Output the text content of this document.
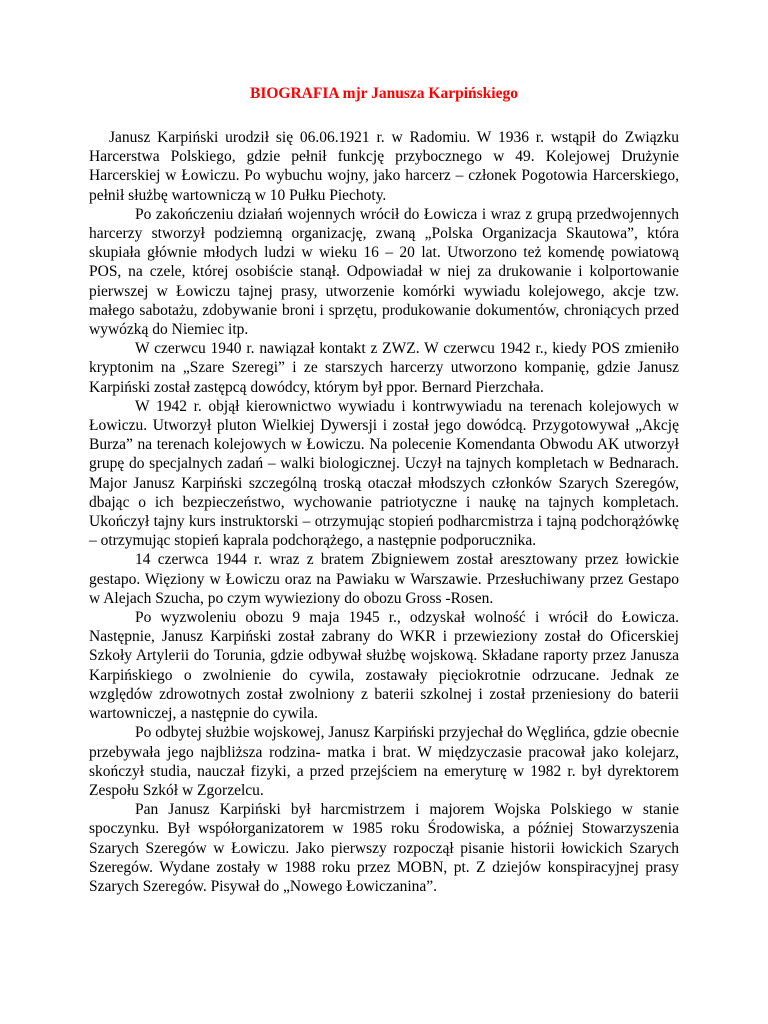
BIOGRAFIA mjr Janusza Karpińskiego

Janusz Karpiński urodził się 06.06.1921 r. w Radomiu. W 1936 r. wstąpił do Związku Harcerstwa Polskiego, gdzie pełnił funkcję przybocznego w 49. Kolejowej Drużynie Harcerskiej w Łowiczu. Po wybuchu wojny, jako harcerz – członek Pogotowia Harcerskiego, pełnił służbę wartowniczą w 10 Pułku Piechoty.

Po zakończeniu działań wojennych wrócił do Łowicza i wraz z grupą przedwojennych harcerzy stworzył podziemną organizację, zwaną „Polska Organizacja Skautowa”, która skupiała głównie młodych ludzi w wieku 16 – 20 lat. Utworzono też komendę powiatową POS, na czele, której osobiście stanął. Odpowiadał w niej za drukowanie i kolportowanie pierwszej w Łowiczu tajnej prasy, utworzenie komórki wywiadu kolejowego, akcje tzw. małego sabotażu, zdobywanie broni i sprzętu, produkowanie dokumentów, chroniących przed wywózką do Niemiec itp.

W czerwcu 1940 r. nawiązał kontakt z ZWZ. W czerwcu 1942 r., kiedy POS zmieniło kryptonim na „Szare Szeregi” i ze starszych harcerzy utworzono kompanię, gdzie Janusz Karpiński został zastępcą dowódcy, którym był ppor. Bernard Pierzchała.

W 1942 r. objął kierownictwo wywiadu i kontrwywiadu na terenach kolejowych w Łowiczu. Utworzył pluton Wielkiej Dywersji i został jego dowódcą. Przygotowywał „Akcję Burza” na terenach kolejowych w Łowiczu. Na polecenie Komendanta Obwodu AK utworzył grupę do specjalnych zadań – walki biologicznej. Uczył na tajnych kompletach w Bednarach. Major Janusz Karpiński szczególną troską otaczał młodszych członków Szarych Szeregów, dbając o ich bezpieczeństwo, wychowanie patriotyczne i naukę na tajnych kompletach. Ukończył tajny kurs instruktorski – otrzymując stopień podharcmistrza i tajną podchorążówkę – otrzymując stopień kaprala podchorążego, a następnie podporucznika.

14 czerwca 1944 r. wraz z bratem Zbigniewem został aresztowany przez łowickie gestapo. Więziony w Łowiczu oraz na Pawiaku w Warszawie. Przesłuchiwany przez Gestapo w Alejach Szucha, po czym wywieziony do obozu Gross -Rosen.

Po wyzwoleniu obozu 9 maja 1945 r., odzyskał wolność i wrócił do Łowicza. Następnie, Janusz Karpiński został zabrany do WKR i przewieziony został do Oficerskiej Szkoły Artylerii do Torunia, gdzie odbywał służbę wojskową. Składane raporty przez Janusza Karpińskiego o zwolnienie do cywila, zostawały pięciokrotnie odrzucane. Jednak ze względów zdrowotnych został zwolniony z baterii szkolnej i został przeniesiony do baterii wartowniczej, a następnie do cywila.

Po odbytej służbie wojskowej, Janusz Karpiński przyjechał do Węglińca, gdzie obecnie przebywała jego najbliższa rodzina- matka i brat. W międzyczasie pracował jako kolejarz, skończył studia, nauczał fizyki, a przed przejściem na emeryturę w 1982 r. był dyrektorem Zespołu Szkół w Zgorzelcu.

Pan Janusz Karpiński był harcmistrzem i majorem Wojska Polskiego w stanie spoczynku. Był współorganizatorem w 1985 roku Środowiska, a później Stowarzyszenia Szarych Szeregów w Łowiczu. Jako pierwszy rozpoczął pisanie historii łowickich Szarych Szeregów. Wydane zostały w 1988 roku przez MOBN, pt. Z dziejów konspiracyjnej prasy Szarych Szeregów. Pisywał do „Nowego Łowiczanina”.
